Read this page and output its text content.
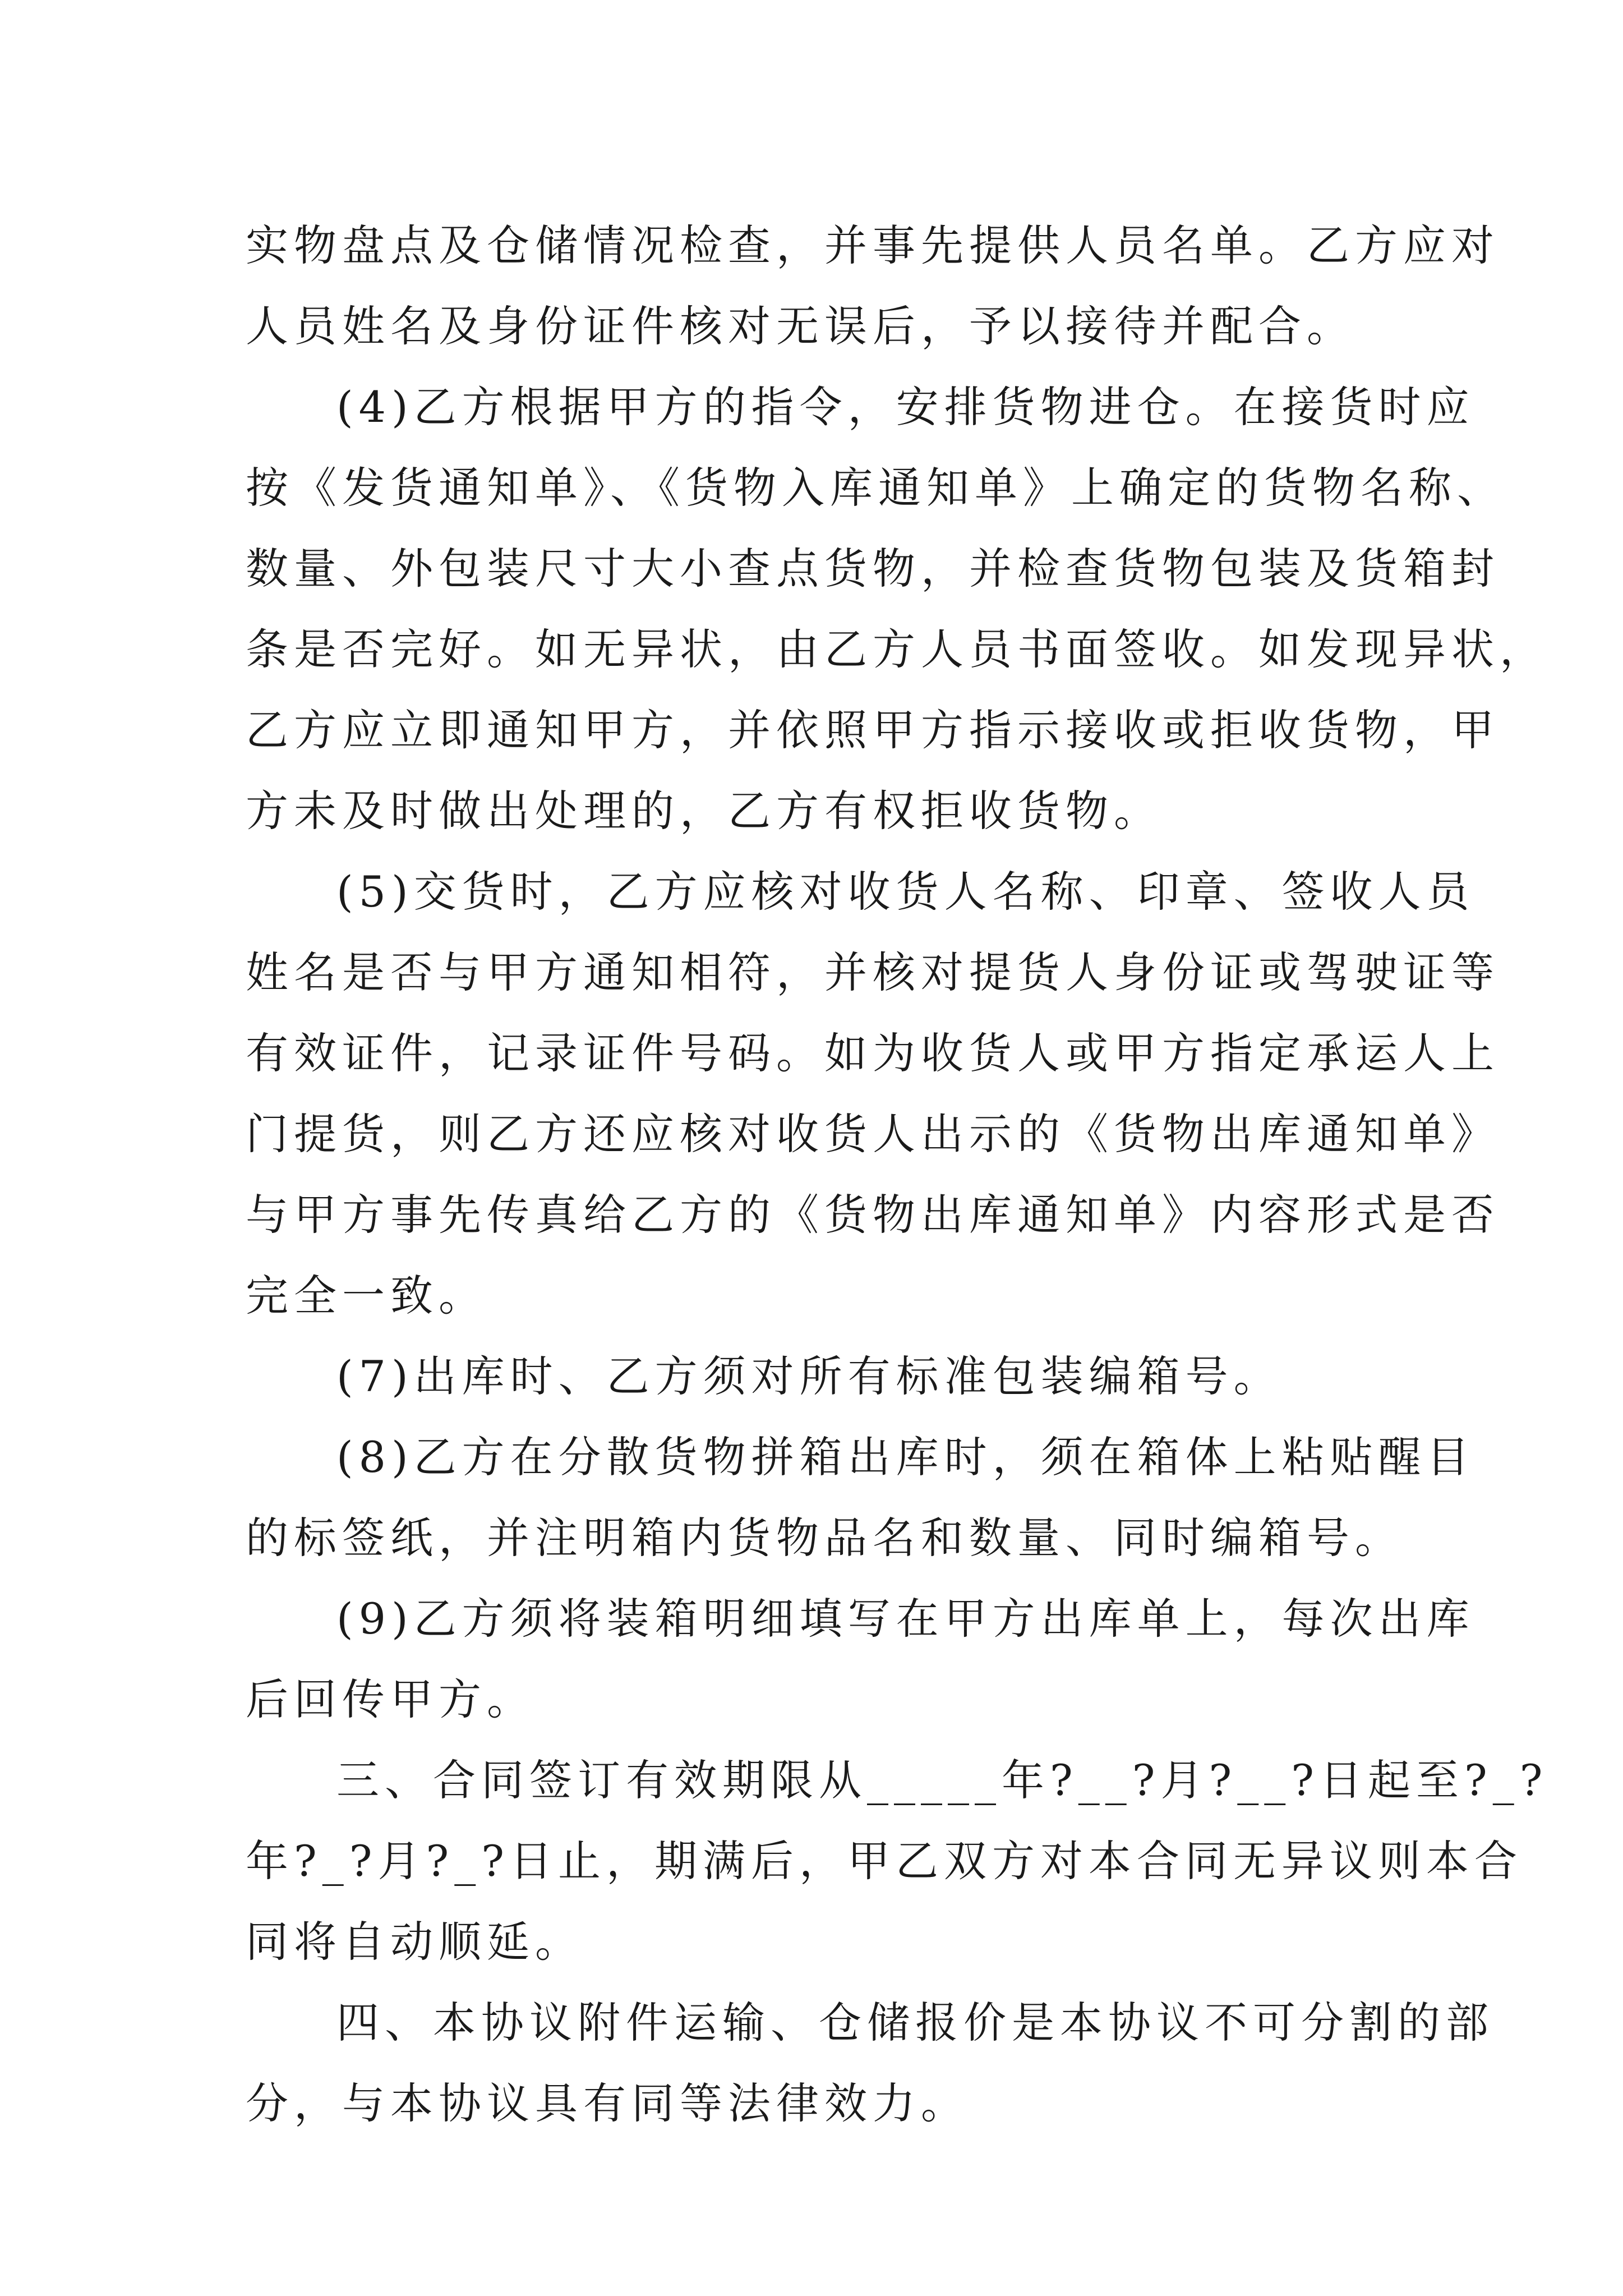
实物盘点及仓储情况检查，并事先提供人员名单。乙方应对
人员姓名及身份证件核对无误后，予以接待并配合。
(4)乙方根据甲方的指令，安排货物进仓。在接货时应
按《发货通知单》、《货物入库通知单》上确定的货物名称、
数量、外包装尺寸大小查点货物，并检查货物包装及货箱封
条是否完好。如无异状，由乙方人员书面签收。如发现异状，
乙方应立即通知甲方，并依照甲方指示接收或拒收货物，甲
方未及时做出处理的，乙方有权拒收货物。
(5)交货时，乙方应核对收货人名称、印章、签收人员
姓名是否与甲方通知相符，并核对提货人身份证或驾驶证等
有效证件，记录证件号码。如为收货人或甲方指定承运人上
门提货，则乙方还应核对收货人出示的《货物出库通知单》
与甲方事先传真给乙方的《货物出库通知单》内容形式是否
完全一致。
(7)出库时、乙方须对所有标准包装编箱号。
(8)乙方在分散货物拼箱出库时，须在箱体上粘贴醒目
的标签纸，并注明箱内货物品名和数量、同时编箱号。
(9)乙方须将装箱明细填写在甲方出库单上，每次出库
后回传甲方。
三、合同签订有效期限从_____年?__?月?__?日起至?_?
年?_?月?_?日止，期满后，甲乙双方对本合同无异议则本合
同将自动顺延。
四、本协议附件运输、仓储报价是本协议不可分割的部
分，与本协议具有同等法律效力。
